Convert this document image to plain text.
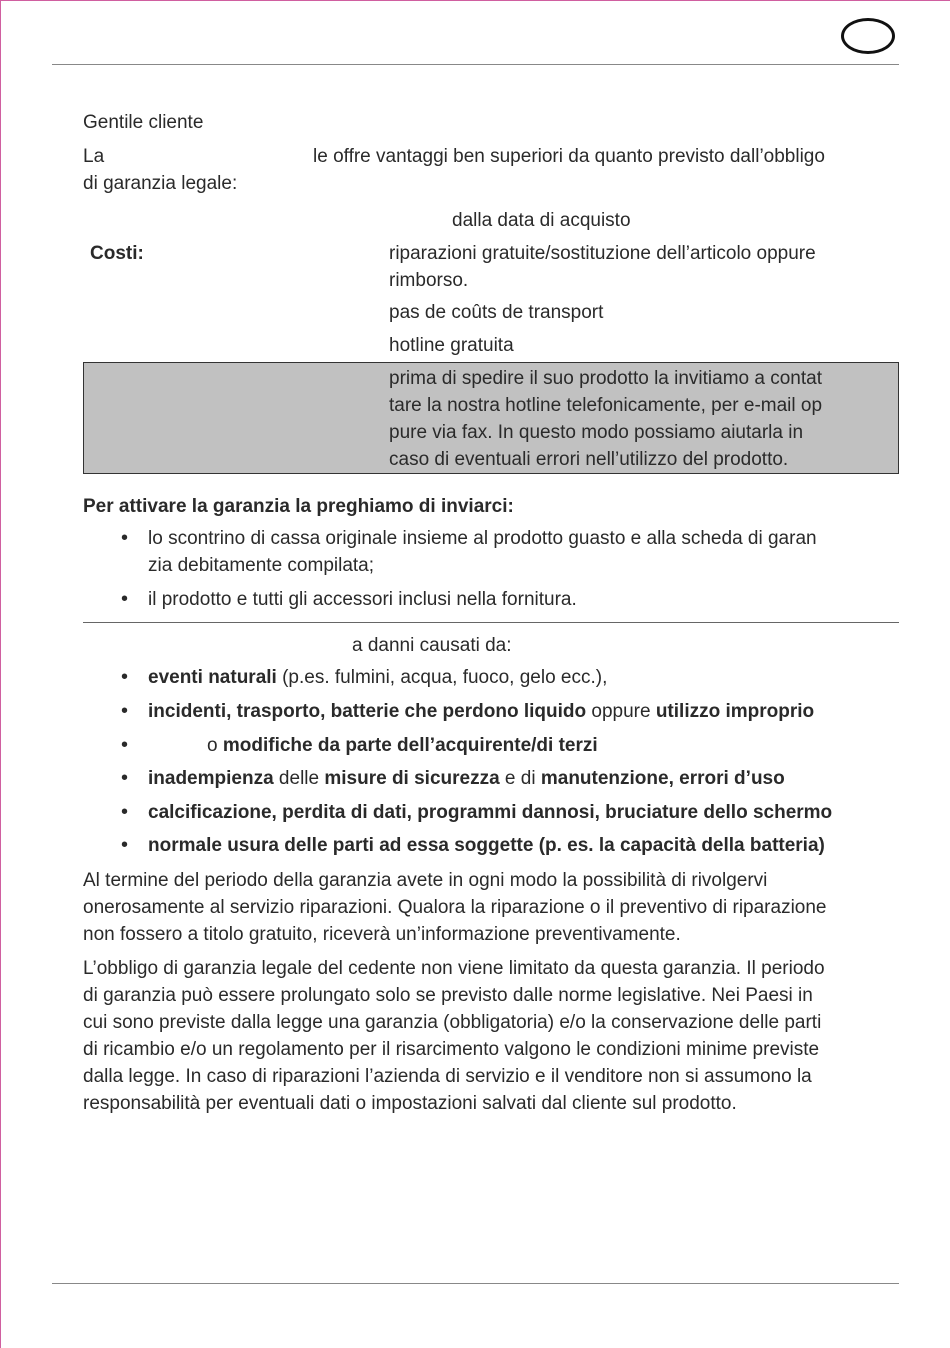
Gentile cliente
La	le offre vantaggi ben superiori da quanto previsto dall’obbligo
di garanzia legale:
dalla data di acquisto
Costi:	riparazioni gratuite/sostituzione dell’articolo oppure
rimborso.
pas de coûts de transport
hotline gratuita
prima di spedire il suo prodotto la invitiamo a contat
tare la nostra hotline telefonicamente, per e-mail op
pure via fax. In questo modo possiamo aiutarla in
caso di eventuali errori nell’utilizzo del prodotto.
Per attivare la garanzia la preghiamo di inviarci:
• lo scontrino di cassa originale insieme al prodotto guasto e alla scheda di garan
zia debitamente compilata;
• il prodotto e tutti gli accessori inclusi nella fornitura.
a danni causati da:
• eventi naturali (p.es. fulmini, acqua, fuoco, gelo ecc.),
• incidenti, trasporto, batterie che perdono liquido oppure utilizzo improprio
•	o modifiche da parte dell’acquirente/di terzi
• inadempienza delle misure di sicurezza e di manutenzione, errori d’uso
• calcificazione, perdita di dati, programmi dannosi, bruciature dello schermo
• normale usura delle parti ad essa soggette (p. es. la capacità della batteria)
Al termine del periodo della garanzia avete in ogni modo la possibilità di rivolgervi
onerosamente al servizio riparazioni. Qualora la riparazione o il preventivo di riparazione
non fossero a titolo gratuito, riceverà un’informazione preventivamente.
L’obbligo di garanzia legale del cedente non viene limitato da questa garanzia. Il periodo
di garanzia può essere prolungato solo se previsto dalle norme legislative. Nei Paesi in
cui sono previste dalla legge una garanzia (obbligatoria) e/o la conservazione delle parti
di ricambio e/o un regolamento per il risarcimento valgono le condizioni minime previste
dalla legge. In caso di riparazioni l’azienda di servizio e il venditore non si assumono la
responsabilità per eventuali dati o impostazioni salvati dal cliente sul prodotto.
